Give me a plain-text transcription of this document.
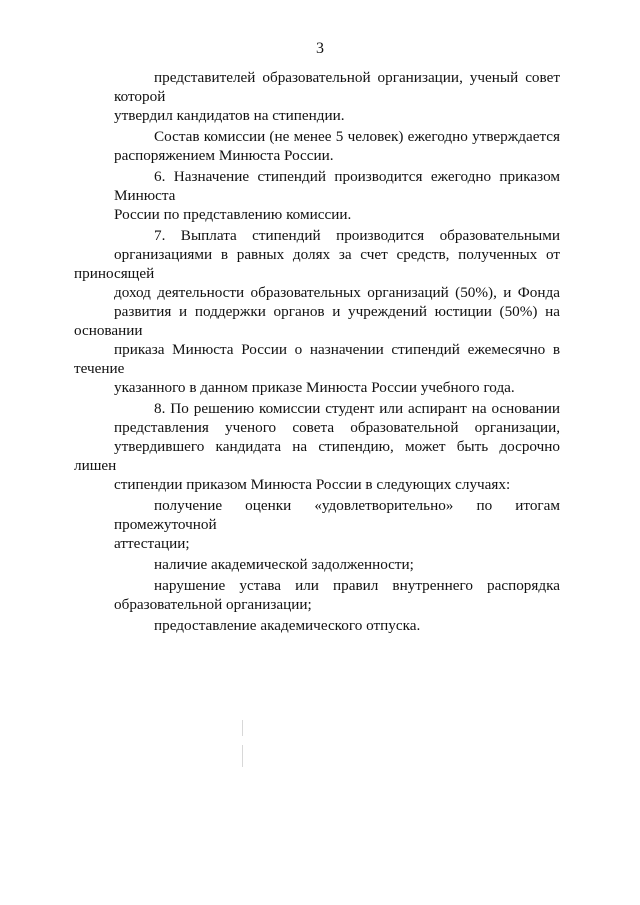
3
представителей образовательной организации, ученый совет которой
утвердил кандидатов на стипендии.
Состав комиссии (не менее 5 человек) ежегодно утверждается
распоряжением Минюста России.
6. Назначение стипендий производится ежегодно приказом Минюста
России по представлению комиссии.
7. Выплата стипендий производится образовательными
организациями в равных долях за счет средств, полученных от приносящей
доход деятельности образовательных организаций (50%), и Фонда
развития и поддержки органов и учреждений юстиции (50%) на основании
приказа Минюста России о назначении стипендий ежемесячно в течение
указанного в данном приказе Минюста России учебного года.
8. По решению комиссии студент или аспирант на основании
представления ученого совета образовательной организации,
утвердившего кандидата на стипендию, может быть досрочно лишен
стипендии приказом Минюста России в следующих случаях:
получение оценки «удовлетворительно» по итогам промежуточной
аттестации;
наличие академической задолженности;
нарушение устава или правил внутреннего распорядка
образовательной организации;
предоставление академического отпуска.
